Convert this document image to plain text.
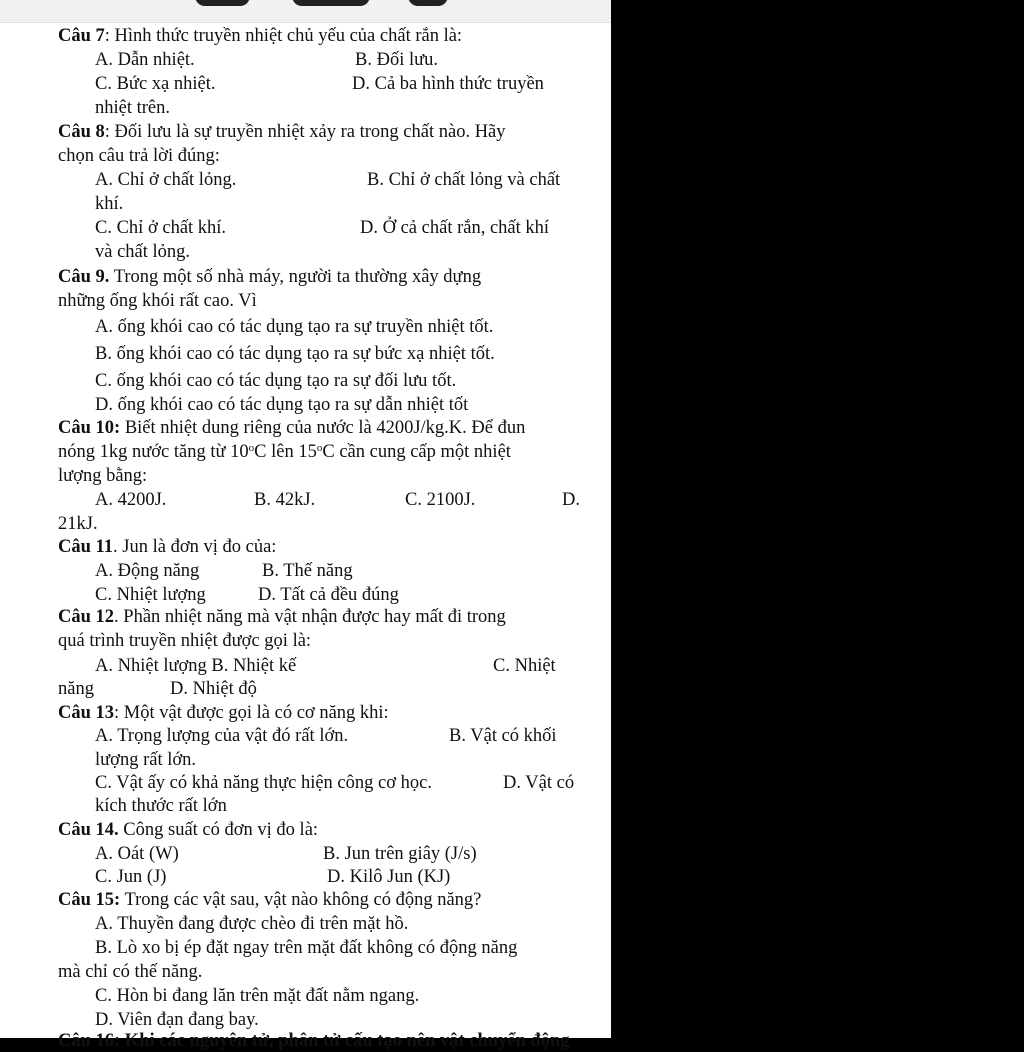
Câu 7: Hình thức truyền nhiệt chủ yếu của chất rắn là:
A. Dẫn nhiệt.	B. Đối lưu.
C. Bức xạ nhiệt.	D. Cả ba hình thức truyền
nhiệt trên.
Câu 8: Đối lưu là sự truyền nhiệt xảy ra trong chất nào. Hãy
chọn câu trả lời đúng:
A. Chỉ ở chất lỏng.	B. Chỉ ở chất lỏng và chất
khí.
C. Chỉ ở chất khí.	D. Ở cả chất rắn, chất khí
và chất lỏng.
Câu 9. Trong một số nhà máy, người ta thường xây dựng
những ống khói rất cao. Vì
A. ống khói cao có tác dụng tạo ra sự truyền nhiệt tốt.
B. ống khói cao có tác dụng tạo ra sự bức xạ nhiệt tốt.
C. ống khói cao có tác dụng tạo ra sự đối lưu tốt.
D. ống khói cao có tác dụng tạo ra sự dẫn nhiệt tốt
Câu 10: Biết nhiệt dung riêng của nước là 4200J/kg.K. Để đun
nóng 1kg nước tăng từ 10$^o$C lên 15$^o$C cần cung cấp một nhiệt
lượng bằng:
A. 4200J.	B. 42kJ.	C. 2100J.	D.
21kJ.
Câu 11. Jun là đơn vị đo của:
A. Động năng	B. Thế năng
C. Nhiệt lượng	D. Tất cả đều đúng
Câu 12. Phần nhiệt năng mà vật nhận được hay mất đi trong
quá trình truyền nhiệt được gọi là:
A. Nhiệt lượng B. Nhiệt kế	C. Nhiệt
năng	D. Nhiệt độ
Câu 13: Một vật được gọi là có cơ năng khi:
A. Trọng lượng của vật đó rất lớn.	B. Vật có khối
lượng rất lớn.
C. Vật ấy có khả năng thực hiện công cơ học.	D. Vật có
kích thước rất lớn
Câu 14. Công suất có đơn vị đo là:
A. Oát (W)	B. Jun trên giây (J/s)
C. Jun (J)	D. Kilô Jun (KJ)
Câu 15: Trong các vật sau, vật nào không có động năng?
A. Thuyền đang được chèo đi trên mặt hồ.
B. Lò xo bị ép đặt ngay trên mặt đất không có động năng
mà chỉ có thế năng.
C. Hòn bi đang lăn trên mặt đất nằm ngang.
D. Viên đạn đang bay.
Câu 16: Khi các nguyên tử, phân tử cấu tạo nên vật chuyển động
